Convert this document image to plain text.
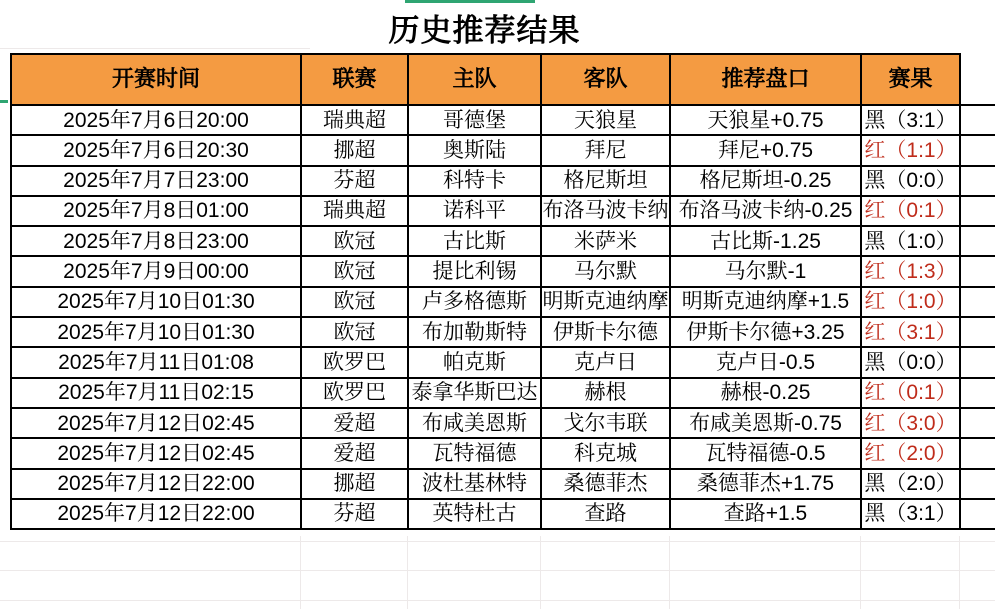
历史推荐结果
开赛时间	联赛	主队	客队	推荐盘口	赛果	
2025年7月6日20:00	瑞典超	哥德堡	天狼星	天狼星+0.75	黑（3:1）	
2025年7月6日20:30	挪超	奥斯陆	拜尼	拜尼+0.75	红（1:1）	
2025年7月7日23:00	芬超	科特卡	格尼斯坦	格尼斯坦-0.25	黑（0:0）	
2025年7月8日01:00	瑞典超	诺科平	布洛马波卡纳	布洛马波卡纳-0.25	红（0:1）	
2025年7月8日23:00	欧冠	古比斯	米萨米	古比斯-1.25	黑（1:0）	
2025年7月9日00:00	欧冠	提比利锡	马尔默	马尔默-1	红（1:3）	
2025年7月10日01:30	欧冠	卢多格德斯	明斯克迪纳摩	明斯克迪纳摩+1.5	红（1:0）	
2025年7月10日01:30	欧冠	布加勒斯特	伊斯卡尔德	伊斯卡尔德+3.25	红（3:1）	
2025年7月11日01:08	欧罗巴	帕克斯	克卢日	克卢日-0.5	黑（0:0）	
2025年7月11日02:15	欧罗巴	泰拿华斯巴达	赫根	赫根-0.25	红（0:1）	
2025年7月12日02:45	爱超	布咸美恩斯	戈尔韦联	布咸美恩斯-0.75	红（3:0）	
2025年7月12日02:45	爱超	瓦特福德	科克城	瓦特福德-0.5	红（2:0）	
2025年7月12日22:00	挪超	波杜基林特	桑德菲杰	桑德菲杰+1.75	黑（2:0）	
2025年7月12日22:00	芬超	英特杜古	查路	查路+1.5	黑（3:1）	
